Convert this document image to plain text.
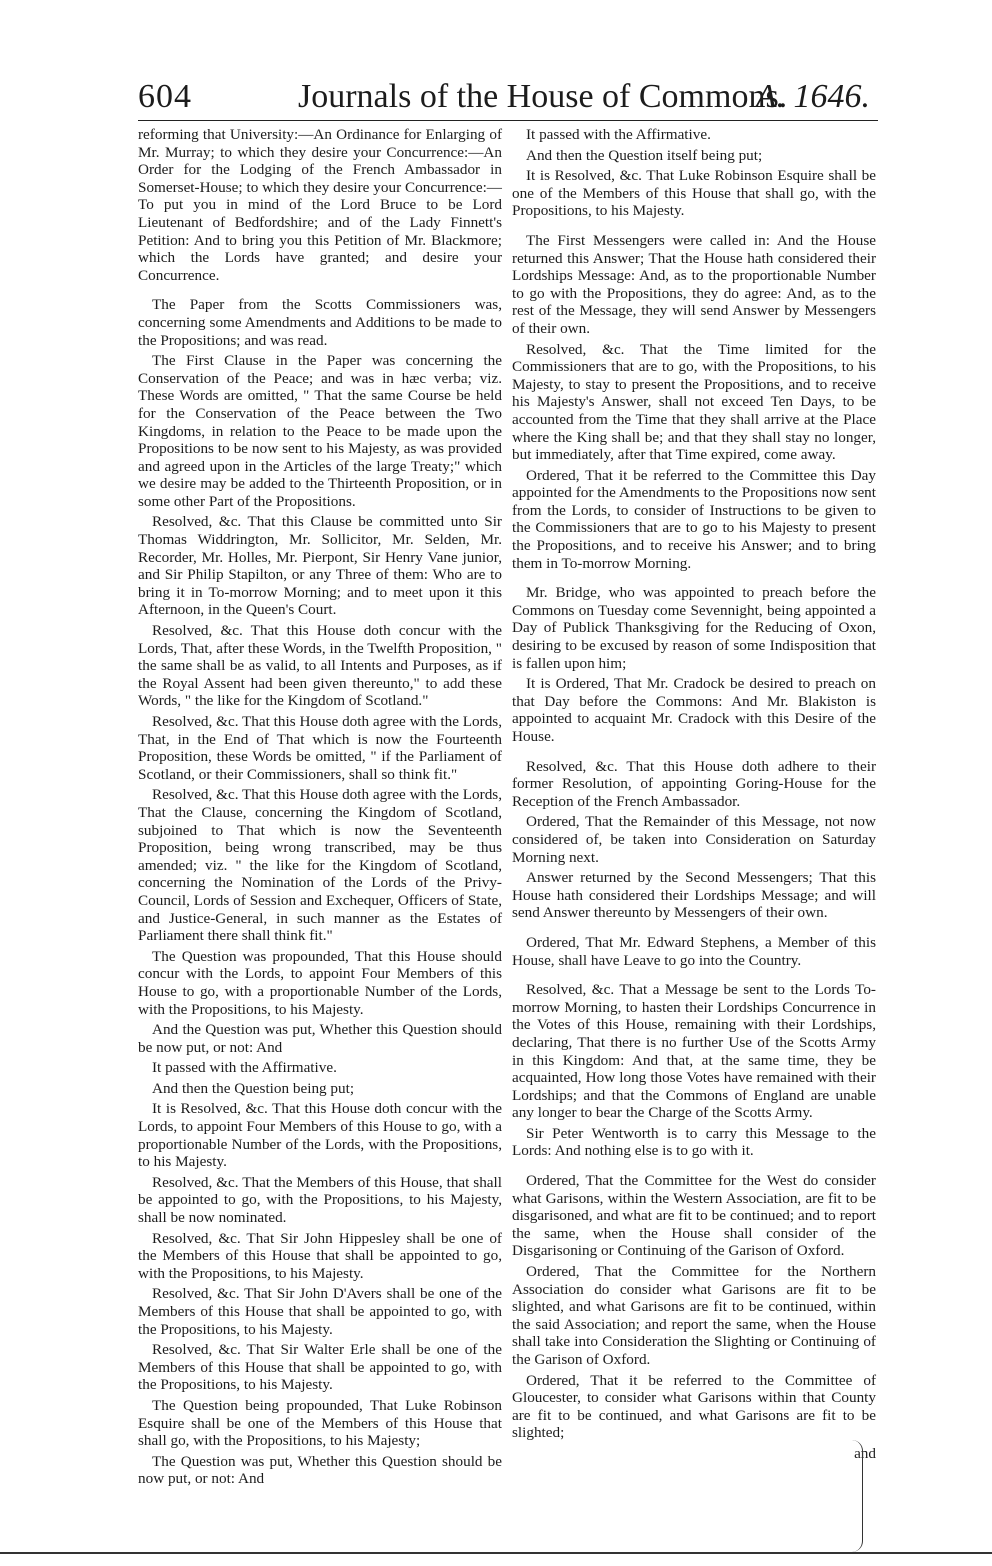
604	Journals of the House of Commons.
A. 1646.

reforming that University:—An Ordinance for Enlarging of Mr. Murray; to which they desire your Concurrence:—An Order for the Lodging of the French Ambassador in Somerset-House; to which they desire your Concurrence:—To put you in mind of the Lord Bruce to be Lord Lieutenant of Bedfordshire; and of the Lady Finnett's Petition: And to bring you this Petition of Mr. Blackmore; which the Lords have granted; and desire your Concurrence.

The Paper from the Scotts Commissioners was, concerning some Amendments and Additions to be made to the Propositions; and was read.

The First Clause in the Paper was concerning the Conservation of the Peace; and was in hæc verba; viz. These Words are omitted, " That the same Course be held for the Conservation of the Peace between the Two Kingdoms, in relation to the Peace to be made upon the Propositions to be now sent to his Majesty, as was provided and agreed upon in the Articles of the large Treaty;" which we desire may be added to the Thirteenth Proposition, or in some other Part of the Propositions.

Resolved, &c. That this Clause be committed unto Sir Thomas Widdrington, Mr. Sollicitor, Mr. Selden, Mr. Recorder, Mr. Holles, Mr. Pierpont, Sir Henry Vane junior, and Sir Philip Stapilton, or any Three of them: Who are to bring it in To-morrow Morning; and to meet upon it this Afternoon, in the Queen's Court.

Resolved, &c. That this House doth concur with the Lords, That, after these Words, in the Twelfth Proposition, " the same shall be as valid, to all Intents and Purposes, as if the Royal Assent had been given thereunto," to add these Words, " the like for the Kingdom of Scotland."

Resolved, &c. That this House doth agree with the Lords, That, in the End of That which is now the Fourteenth Proposition, these Words be omitted, " if the Parliament of Scotland, or their Commissioners, shall so think fit."

Resolved, &c. That this House doth agree with the Lords, That the Clause, concerning the Kingdom of Scotland, subjoined to That which is now the Seventeenth Proposition, being wrong transcribed, may be thus amended; viz. " the like for the Kingdom of Scotland, concerning the Nomination of the Lords of the Privy-Council, Lords of Session and Exchequer, Officers of State, and Justice-General, in such manner as the Estates of Parliament there shall think fit."

The Question was propounded, That this House should concur with the Lords, to appoint Four Members of this House to go, with a proportionable Number of the Lords, with the Propositions, to his Majesty.

And the Question was put, Whether this Question should be now put, or not: And

It passed with the Affirmative.

And then the Question being put;

It is Resolved, &c. That this House doth concur with the Lords, to appoint Four Members of this House to go, with a proportionable Number of the Lords, with the Propositions, to his Majesty.

Resolved, &c. That the Members of this House, that shall be appointed to go, with the Propositions, to his Majesty, shall be now nominated.

Resolved, &c. That Sir John Hippesley shall be one of the Members of this House that shall be appointed to go, with the Propositions, to his Majesty.

Resolved, &c. That Sir John D'Avers shall be one of the Members of this House that shall be appointed to go, with the Propositions, to his Majesty.

Resolved, &c. That Sir Walter Erle shall be one of the Members of this House that shall be appointed to go, with the Propositions, to his Majesty.

The Question being propounded, That Luke Robinson Esquire shall be one of the Members of this House that shall go, with the Propositions, to his Majesty;

The Question was put, Whether this Question should be now put, or not: And

It passed with the Affirmative.

And then the Question itself being put;

It is Resolved, &c. That Luke Robinson Esquire shall be one of the Members of this House that shall go, with the Propositions, to his Majesty.

The First Messengers were called in: And the House returned this Answer; That the House hath considered their Lordships Message: And, as to the proportionable Number to go with the Propositions, they do agree: And, as to the rest of the Message, they will send Answer by Messengers of their own.

Resolved, &c. That the Time limited for the Commissioners that are to go, with the Propositions, to his Majesty, to stay to present the Propositions, and to receive his Majesty's Answer, shall not exceed Ten Days, to be accounted from the Time that they shall arrive at the Place where the King shall be; and that they shall stay no longer, but immediately, after that Time expired, come away.

Ordered, That it be referred to the Committee this Day appointed for the Amendments to the Propositions now sent from the Lords, to consider of Instructions to be given to the Commissioners that are to go to his Majesty to present the Propositions, and to receive his Answer; and to bring them in To-morrow Morning.

Mr. Bridge, who was appointed to preach before the Commons on Tuesday come Sevennight, being appointed a Day of Publick Thanksgiving for the Reducing of Oxon, desiring to be excused by reason of some Indisposition that is fallen upon him;

It is Ordered, That Mr. Cradock be desired to preach on that Day before the Commons: And Mr. Blakiston is appointed to acquaint Mr. Cradock with this Desire of the House.

Resolved, &c. That this House doth adhere to their former Resolution, of appointing Goring-House for the Reception of the French Ambassador.

Ordered, That the Remainder of this Message, not now considered of, be taken into Consideration on Saturday Morning next.

Answer returned by the Second Messengers; That this House hath considered their Lordships Message; and will send Answer thereunto by Messengers of their own.

Ordered, That Mr. Edward Stephens, a Member of this House, shall have Leave to go into the Country.

Resolved, &c. That a Message be sent to the Lords To-morrow Morning, to hasten their Lordships Concurrence in the Votes of this House, remaining with their Lordships, declaring, That there is no further Use of the Scotts Army in this Kingdom: And that, at the same time, they be acquainted, How long those Votes have remained with their Lordships; and that the Commons of England are unable any longer to bear the Charge of the Scotts Army.

Sir Peter Wentworth is to carry this Message to the Lords: And nothing else is to go with it.

Ordered, That the Committee for the West do consider what Garisons, within the Western Association, are fit to be disgarisoned, and what are fit to be continued; and to report the same, when the House shall consider of the Disgarisoning or Continuing of the Garison of Oxford.

Ordered, That the Committee for the Northern Association do consider what Garisons are fit to be slighted, and what Garisons are fit to be continued, within the said Association; and report the same, when the House shall take into Consideration the Slighting or Continuing of the Garison of Oxford.

Ordered, That it be referred to the Committee of Gloucester, to consider what Garisons within that County are fit to be continued, and what Garisons are fit to be slighted;

and
